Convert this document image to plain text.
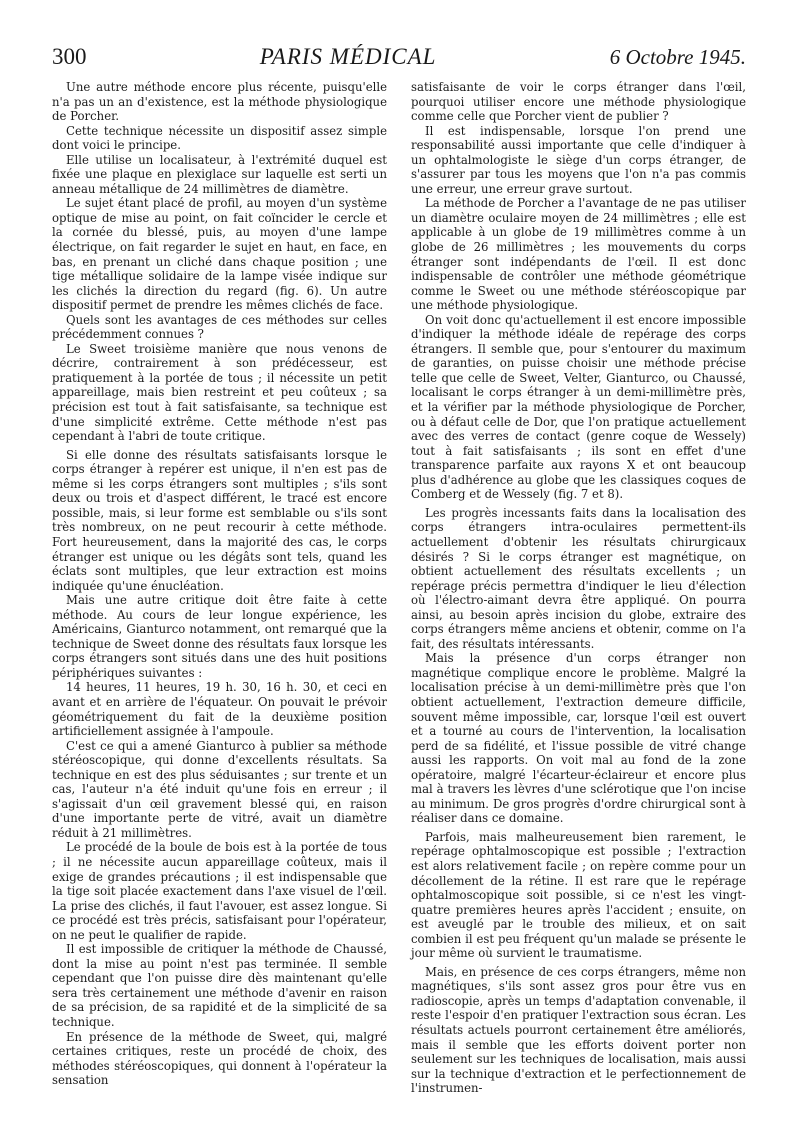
300	PARIS MÉDICAL	6 Octobre 1945.

Une autre méthode encore plus récente, puisqu'elle n'a pas un an d'existence, est la méthode physiologique de Porcher.

Cette technique nécessite un dispositif assez simple dont voici le principe.

Elle utilise un localisateur, à l'extrémité duquel est fixée une plaque en plexiglace sur laquelle est serti un anneau métallique de 24 millimètres de diamètre.

Le sujet étant placé de profil, au moyen d'un système optique de mise au point, on fait coïncider le cercle et la cornée du blessé, puis, au moyen d'une lampe électrique, on fait regarder le sujet en haut, en face, en bas, en prenant un cliché dans chaque position ; une tige métallique solidaire de la lampe visée indique sur les clichés la direction du regard (fig. 6). Un autre dispositif permet de prendre les mêmes clichés de face.

Quels sont les avantages de ces méthodes sur celles précédemment connues ?

Le Sweet troisième manière que nous venons de décrire, contrairement à son prédécesseur, est pratiquement à la portée de tous ; il nécessite un petit appareillage, mais bien restreint et peu coûteux ; sa précision est tout à fait satisfaisante, sa technique est d'une simplicité extrême. Cette méthode n'est pas cependant à l'abri de toute critique.

Si elle donne des résultats satisfaisants lorsque le corps étranger à repérer est unique, il n'en est pas de même si les corps étrangers sont multiples ; s'ils sont deux ou trois et d'aspect différent, le tracé est encore possible, mais, si leur forme est semblable ou s'ils sont très nombreux, on ne peut recourir à cette méthode. Fort heureusement, dans la majorité des cas, le corps étranger est unique ou les dégâts sont tels, quand les éclats sont multiples, que leur extraction est moins indiquée qu'une énucléation.

Mais une autre critique doit être faite à cette méthode. Au cours de leur longue expérience, les Américains, Gianturco notamment, ont remarqué que la technique de Sweet donne des résultats faux lorsque les corps étrangers sont situés dans une des huit positions périphériques suivantes :

14 heures, 11 heures, 19 h. 30, 16 h. 30, et ceci en avant et en arrière de l'équateur. On pouvait le prévoir géométriquement du fait de la deuxième position artificiellement assignée à l'ampoule.

C'est ce qui a amené Gianturco à publier sa méthode stéréoscopique, qui donne d'excellents résultats. Sa technique en est des plus séduisantes ; sur trente et un cas, l'auteur n'a été induit qu'une fois en erreur ; il s'agissait d'un œil gravement blessé qui, en raison d'une importante perte de vitré, avait un diamètre réduit à 21 millimètres.

Le procédé de la boule de bois est à la portée de tous ; il ne nécessite aucun appareillage coûteux, mais il exige de grandes précautions ; il est indispensable que la tige soit placée exactement dans l'axe visuel de l'œil. La prise des clichés, il faut l'avouer, est assez longue. Si ce procédé est très précis, satisfaisant pour l'opérateur, on ne peut le qualifier de rapide.

Il est impossible de critiquer la méthode de Chaussé, dont la mise au point n'est pas terminée. Il semble cependant que l'on puisse dire dès maintenant qu'elle sera très certainement une méthode d'avenir en raison de sa précision, de sa rapidité et de la simplicité de sa technique.

En présence de la méthode de Sweet, qui, malgré certaines critiques, reste un procédé de choix, des méthodes stéréoscopiques, qui donnent à l'opérateur la sensation

satisfaisante de voir le corps étranger dans l'œil, pourquoi utiliser encore une méthode physiologique comme celle que Porcher vient de publier ?

Il est indispensable, lorsque l'on prend une responsabilité aussi importante que celle d'indiquer à un ophtalmologiste le siège d'un corps étranger, de s'assurer par tous les moyens que l'on n'a pas commis une erreur, une erreur grave surtout.

La méthode de Porcher a l'avantage de ne pas utiliser un diamètre oculaire moyen de 24 millimètres ; elle est applicable à un globe de 19 millimètres comme à un globe de 26 millimètres ; les mouvements du corps étranger sont indépendants de l'œil. Il est donc indispensable de contrôler une méthode géométrique comme le Sweet ou une méthode stéréoscopique par une méthode physiologique.

On voit donc qu'actuellement il est encore impossible d'indiquer la méthode idéale de repérage des corps étrangers. Il semble que, pour s'entourer du maximum de garanties, on puisse choisir une méthode précise telle que celle de Sweet, Velter, Gianturco, ou Chaussé, localisant le corps étranger à un demi-millimètre près, et la vérifier par la méthode physiologique de Porcher, ou à défaut celle de Dor, que l'on pratique actuellement avec des verres de contact (genre coque de Wessely) tout à fait satisfaisants ; ils sont en effet d'une transparence parfaite aux rayons X et ont beaucoup plus d'adhérence au globe que les classiques coques de Comberg et de Wessely (fig. 7 et 8).

Les progrès incessants faits dans la localisation des corps étrangers intra-oculaires permettent-ils actuellement d'obtenir les résultats chirurgicaux désirés ? Si le corps étranger est magnétique, on obtient actuellement des résultats excellents ; un repérage précis permettra d'indiquer le lieu d'élection où l'électro-aimant devra être appliqué. On pourra ainsi, au besoin après incision du globe, extraire des corps étrangers même anciens et obtenir, comme on l'a fait, des résultats intéressants.

Mais la présence d'un corps étranger non magnétique complique encore le problème. Malgré la localisation précise à un demi-millimètre près que l'on obtient actuellement, l'extraction demeure difficile, souvent même impossible, car, lorsque l'œil est ouvert et a tourné au cours de l'intervention, la localisation perd de sa fidélité, et l'issue possible de vitré change aussi les rapports. On voit mal au fond de la zone opératoire, malgré l'écarteur-éclaireur et encore plus mal à travers les lèvres d'une sclérotique que l'on incise au minimum. De gros progrès d'ordre chirurgical sont à réaliser dans ce domaine.

Parfois, mais malheureusement bien rarement, le repérage ophtalmoscopique est possible ; l'extraction est alors relativement facile ; on repère comme pour un décollement de la rétine. Il est rare que le repérage ophtalmoscopique soit possible, si ce n'est les vingt-quatre premières heures après l'accident ; ensuite, on est aveuglé par le trouble des milieux, et on sait combien il est peu fréquent qu'un malade se présente le jour même où survient le traumatisme.

Mais, en présence de ces corps étrangers, même non magnétiques, s'ils sont assez gros pour être vus en radioscopie, après un temps d'adaptation convenable, il reste l'espoir d'en pratiquer l'extraction sous écran. Les résultats actuels pourront certainement être améliorés, mais il semble que les efforts doivent porter non seulement sur les techniques de localisation, mais aussi sur la technique d'extraction et le perfectionnement de l'instrumen-
